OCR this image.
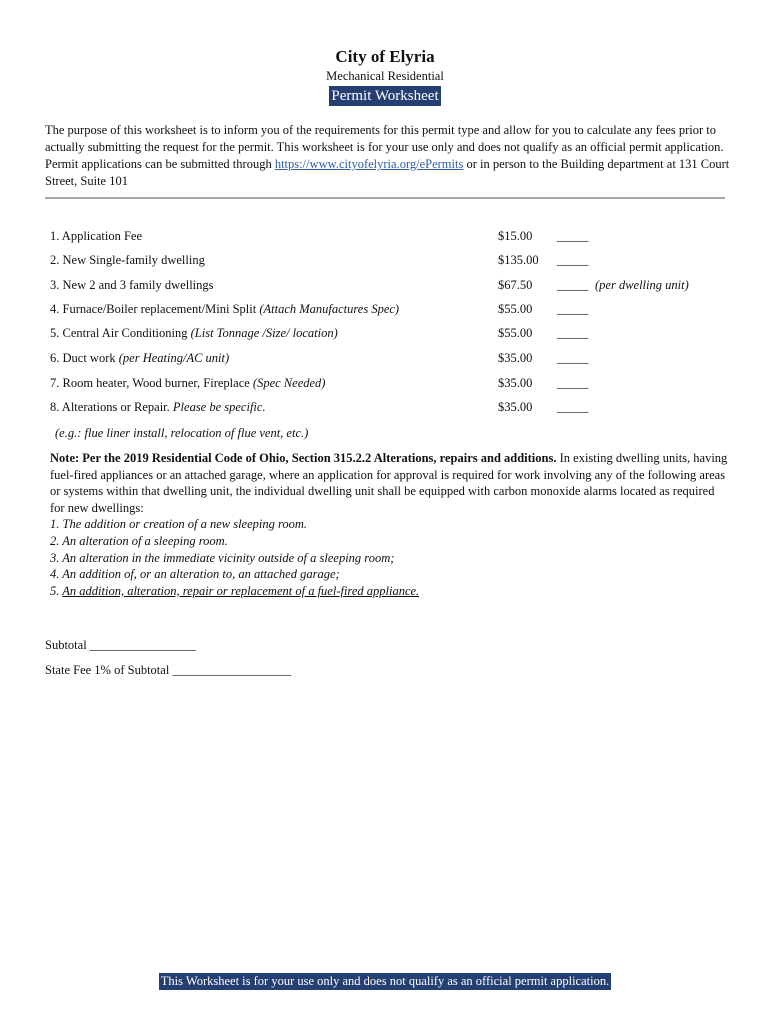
City of Elyria
Mechanical Residential
Permit Worksheet
The purpose of this worksheet is to inform you of the requirements for this permit type and allow for you to calculate any fees prior to actually submitting the request for the permit. This worksheet is for your use only and does not qualify as an official permit application. Permit applications can be submitted through https://www.cityofelyria.org/ePermits or in person to the Building department at 131 Court Street, Suite 101
1. Application Fee	$15.00 _____
2. New Single-family dwelling	$135.00 _____
3. New 2 and 3 family dwellings	$67.50 _____ (per dwelling unit)
4. Furnace/Boiler replacement/Mini Split (Attach Manufactures Spec)	$55.00 _____
5. Central Air Conditioning (List Tonnage /Size/ location)	$55.00 _____
6. Duct work (per Heating/AC unit)	$35.00 _____
7. Room heater, Wood burner, Fireplace (Spec Needed)	$35.00 _____
8. Alterations or Repair. Please be specific.	$35.00 _____
(e.g.: flue liner install, relocation of flue vent, etc.)
Note: Per the 2019 Residential Code of Ohio, Section 315.2.2 Alterations, repairs and additions. In existing dwelling units, having fuel-fired appliances or an attached garage, where an application for approval is required for work involving any of the following areas or systems within that dwelling unit, the individual dwelling unit shall be equipped with carbon monoxide alarms located as required for new dwellings:
1. The addition or creation of a new sleeping room.
2. An alteration of a sleeping room.
3. An alteration in the immediate vicinity outside of a sleeping room;
4. An addition of, or an alteration to, an attached garage;
5. An addition, alteration, repair or replacement of a fuel-fired appliance.
Subtotal _________________
State Fee 1% of Subtotal ___________________
This Worksheet is for your use only and does not qualify as an official permit application.
